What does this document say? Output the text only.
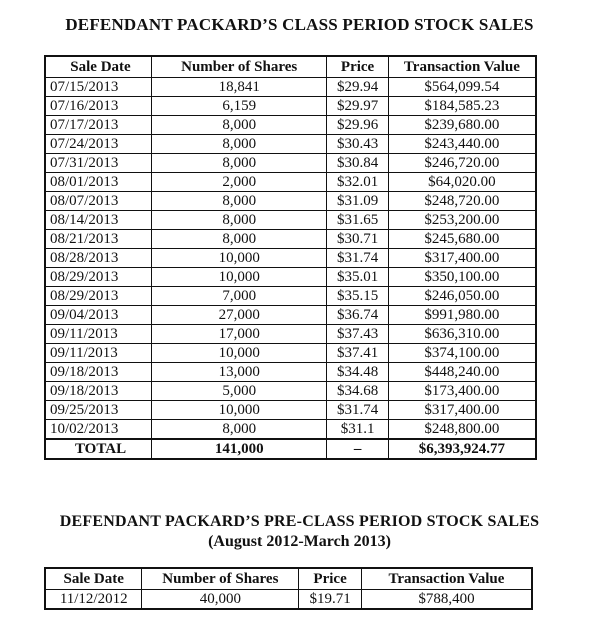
DEFENDANT PACKARD’S CLASS PERIOD STOCK SALES
Sale Date	Number of Shares	Price	Transaction Value
07/15/2013	18,841	$29.94	$564,099.54
07/16/2013	6,159	$29.97	$184,585.23
07/17/2013	8,000	$29.96	$239,680.00
07/24/2013	8,000	$30.43	$243,440.00
07/31/2013	8,000	$30.84	$246,720.00
08/01/2013	2,000	$32.01	$64,020.00
08/07/2013	8,000	$31.09	$248,720.00
08/14/2013	8,000	$31.65	$253,200.00
08/21/2013	8,000	$30.71	$245,680.00
08/28/2013	10,000	$31.74	$317,400.00
08/29/2013	10,000	$35.01	$350,100.00
08/29/2013	7,000	$35.15	$246,050.00
09/04/2013	27,000	$36.74	$991,980.00
09/11/2013	17,000	$37.43	$636,310.00
09/11/2013	10,000	$37.41	$374,100.00
09/18/2013	13,000	$34.48	$448,240.00
09/18/2013	5,000	$34.68	$173,400.00
09/25/2013	10,000	$31.74	$317,400.00
10/02/2013	8,000	$31.1	$248,800.00
TOTAL	141,000	–	$6,393,924.77
DEFENDANT PACKARD’S PRE-CLASS PERIOD STOCK SALES
(August 2012-March 2013)
Sale Date	Number of Shares	Price	Transaction Value
11/12/2012	40,000	$19.71	$788,400
